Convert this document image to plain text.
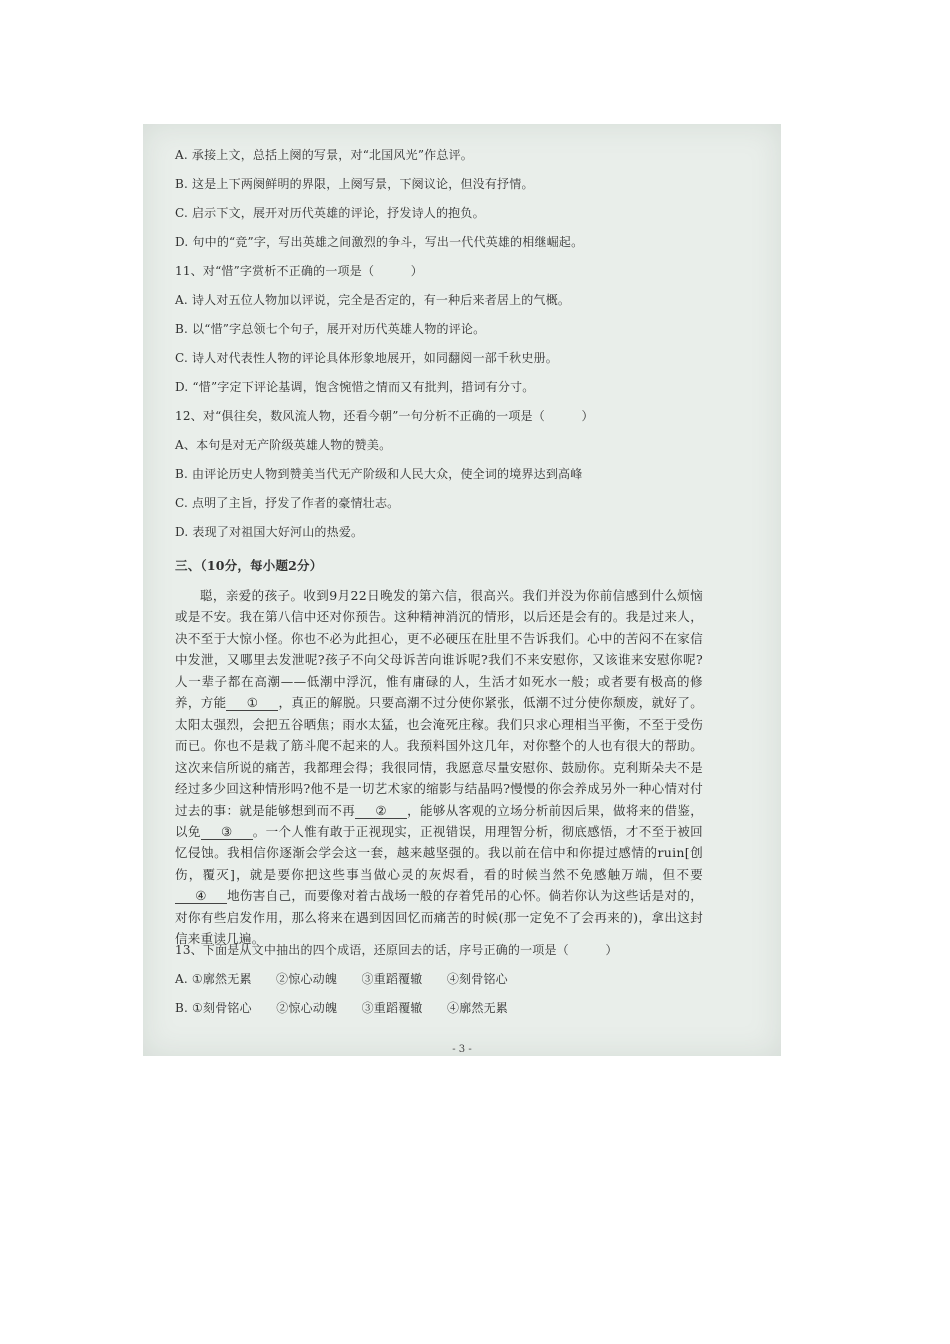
A. 承接上文，总括上阕的写景，对“北国风光”作总评。
B. 这是上下两阕鲜明的界限，上阕写景，下阕议论，但没有抒情。
C. 启示下文，展开对历代英雄的评论，抒发诗人的抱负。
D. 句中的“竞”字，写出英雄之间激烈的争斗，写出一代代英雄的相继崛起。
11、对“惜”字赏析不正确的一项是（　　　）
A. 诗人对五位人物加以评说，完全是否定的，有一种后来者居上的气概。
B. 以“惜”字总领七个句子，展开对历代英雄人物的评论。
C. 诗人对代表性人物的评论具体形象地展开，如同翻阅一部千秋史册。
D. “惜”字定下评论基调，饱含惋惜之情而又有批判，措词有分寸。
12、对“俱往矣，数风流人物，还看今朝”一句分析不正确的一项是（　　　）
A、本句是对无产阶级英雄人物的赞美。
B. 由评论历史人物到赞美当代无产阶级和人民大众，使全词的境界达到高峰
C. 点明了主旨，抒发了作者的豪情壮志。
D. 表现了对祖国大好河山的热爱。
三、（10分，每小题2分）
聪，亲爱的孩子。收到9月22日晚发的第六信，很高兴。我们并没为你前信感到什么烦恼或是不安。我在第八信中还对你预告。这种精神消沉的情形，以后还是会有的。我是过来人，决不至于大惊小怪。你也不必为此担心，更不必硬压在肚里不告诉我们。心中的苦闷不在家信中发泄，又哪里去发泄呢?孩子不向父母诉苦向谁诉呢?我们不来安慰你，又该谁来安慰你呢?人一辈子都在高潮——低潮中浮沉，惟有庸碌的人，生活才如死水一般；或者要有极高的修养，方能 ① ，真正的解脱。只要高潮不过分使你紧张，低潮不过分使你颓废，就好了。太阳太强烈，会把五谷晒焦；雨水太猛，也会淹死庄稼。我们只求心理相当平衡，不至于受伤而已。你也不是栽了筋斗爬不起来的人。我预料国外这几年，对你整个的人也有很大的帮助。这次来信所说的痛苦，我都理会得；我很同情，我愿意尽量安慰你、鼓励你。克利斯朵夫不是经过多少回这种情形吗?他不是一切艺术家的缩影与结晶吗?慢慢的你会养成另外一种心情对付过去的事：就是能够想到而不再 ② ，能够从客观的立场分析前因后果，做将来的借鉴，以免 ③ 。一个人惟有敢于正视现实，正视错误，用理智分析，彻底感悟，才不至于被回忆侵蚀。我相信你逐渐会学会这一套，越来越坚强的。我以前在信中和你提过感情的ruin[创伤，覆灭]，就是要你把这些事当做心灵的灰烬看，看的时候当然不免感触万端，但不要④ 地伤害自己，而要像对着古战场一般的存着凭吊的心怀。倘若你认为这些话是对的，对你有些启发作用，那么将来在遇到因回忆而痛苦的时候(那一定免不了会再来的)，拿出这封信来重读几遍。
13、下面是从文中抽出的四个成语，还原回去的话，序号正确的一项是（　　　）
A. ①廓然无累　　②惊心动魄　　③重蹈覆辙　　④刻骨铭心
B. ①刻骨铭心　　②惊心动魄　　③重蹈覆辙　　④廓然无累
- 3 -
